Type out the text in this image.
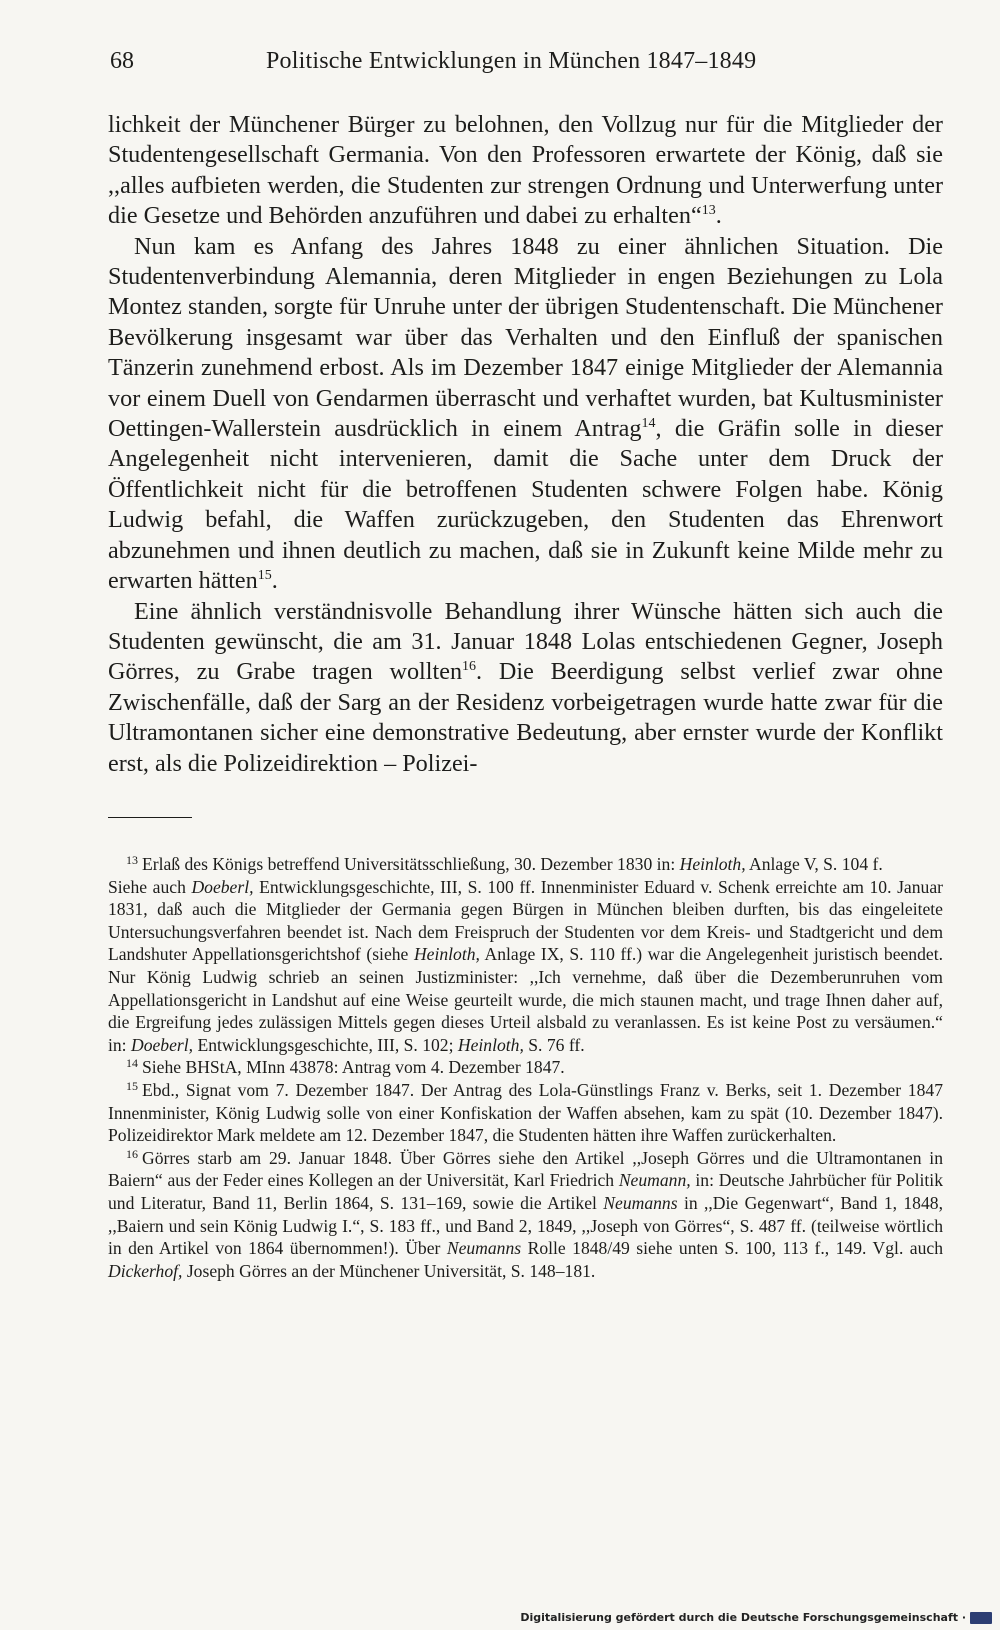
68	Politische Entwicklungen in München 1847–1849

lichkeit der Münchener Bürger zu belohnen, den Vollzug nur für die Mitglieder der Studentengesellschaft Germania. Von den Professoren erwartete der König, daß sie ,,alles aufbieten werden, die Studenten zur strengen Ordnung und Unterwerfung unter die Gesetze und Behörden anzuführen und dabei zu erhalten“$^{13}$.

Nun kam es Anfang des Jahres 1848 zu einer ähnlichen Situation. Die Studentenverbindung Alemannia, deren Mitglieder in engen Beziehungen zu Lola Montez standen, sorgte für Unruhe unter der übrigen Studentenschaft. Die Münchener Bevölkerung insgesamt war über das Verhalten und den Einfluß der spanischen Tänzerin zunehmend erbost. Als im Dezember 1847 einige Mitglieder der Alemannia vor einem Duell von Gendarmen überrascht und verhaftet wurden, bat Kultusminister Oettingen-Wallerstein ausdrücklich in einem Antrag$^{14}$, die Gräfin solle in dieser Angelegenheit nicht intervenieren, damit die Sache unter dem Druck der Öffentlichkeit nicht für die betroffenen Studenten schwere Folgen habe. König Ludwig befahl, die Waffen zurückzugeben, den Studenten das Ehrenwort abzunehmen und ihnen deutlich zu machen, daß sie in Zukunft keine Milde mehr zu erwarten hätten$^{15}$.

Eine ähnlich verständnisvolle Behandlung ihrer Wünsche hätten sich auch die Studenten gewünscht, die am 31. Januar 1848 Lolas entschiedenen Gegner, Joseph Görres, zu Grabe tragen wollten$^{16}$. Die Beerdigung selbst verlief zwar ohne Zwischenfälle, daß der Sarg an der Residenz vorbeigetragen wurde hatte zwar für die Ultramontanen sicher eine demonstrative Bedeutung, aber ernster wurde der Konflikt erst, als die Polizeidirektion – Polizei-

$^{13}$ Erlaß des Königs betreffend Universitätsschließung, 30. Dezember 1830 in: Heinloth, Anlage V, S. 104 f.

Siehe auch Doeberl, Entwicklungsgeschichte, III, S. 100 ff. Innenminister Eduard v. Schenk erreichte am 10. Januar 1831, daß auch die Mitglieder der Germania gegen Bürgen in München bleiben durften, bis das eingeleitete Untersuchungsverfahren beendet ist. Nach dem Freispruch der Studenten vor dem Kreis- und Stadtgericht und dem Landshuter Appellationsgerichtshof (siehe Heinloth, Anlage IX, S. 110 ff.) war die Angelegenheit juristisch beendet. Nur König Ludwig schrieb an seinen Justizminister: ,,Ich vernehme, daß über die Dezemberunruhen vom Appellationsgericht in Landshut auf eine Weise geurteilt wurde, die mich staunen macht, und trage Ihnen daher auf, die Ergreifung jedes zulässigen Mittels gegen dieses Urteil alsbald zu veranlassen. Es ist keine Post zu versäumen.“ in: Doeberl, Entwicklungsgeschichte, III, S. 102; Heinloth, S. 76 ff.

$^{14}$ Siehe BHStA, MInn 43878: Antrag vom 4. Dezember 1847.

$^{15}$ Ebd., Signat vom 7. Dezember 1847. Der Antrag des Lola-Günstlings Franz v. Berks, seit 1. Dezember 1847 Innenminister, König Ludwig solle von einer Konfiskation der Waffen absehen, kam zu spät (10. Dezember 1847). Polizeidirektor Mark meldete am 12. Dezember 1847, die Studenten hätten ihre Waffen zurückerhalten.

$^{16}$ Görres starb am 29. Januar 1848. Über Görres siehe den Artikel ,,Joseph Görres und die Ultramontanen in Baiern“ aus der Feder eines Kollegen an der Universität, Karl Friedrich Neumann, in: Deutsche Jahrbücher für Politik und Literatur, Band 11, Berlin 1864, S. 131–169, sowie die Artikel Neumanns in ,,Die Gegenwart“, Band 1, 1848, ,,Baiern und sein König Ludwig I.“, S. 183 ff., und Band 2, 1849, ,,Joseph von Görres“, S. 487 ff. (teilweise wörtlich in den Artikel von 1864 übernommen!). Über Neumanns Rolle 1848/49 siehe unten S. 100, 113 f., 149. Vgl. auch Dickerhof, Joseph Görres an der Münchener Universität, S. 148–181.

Digitalisierung gefördert durch die Deutsche Forschungsgemeinschaft ·
